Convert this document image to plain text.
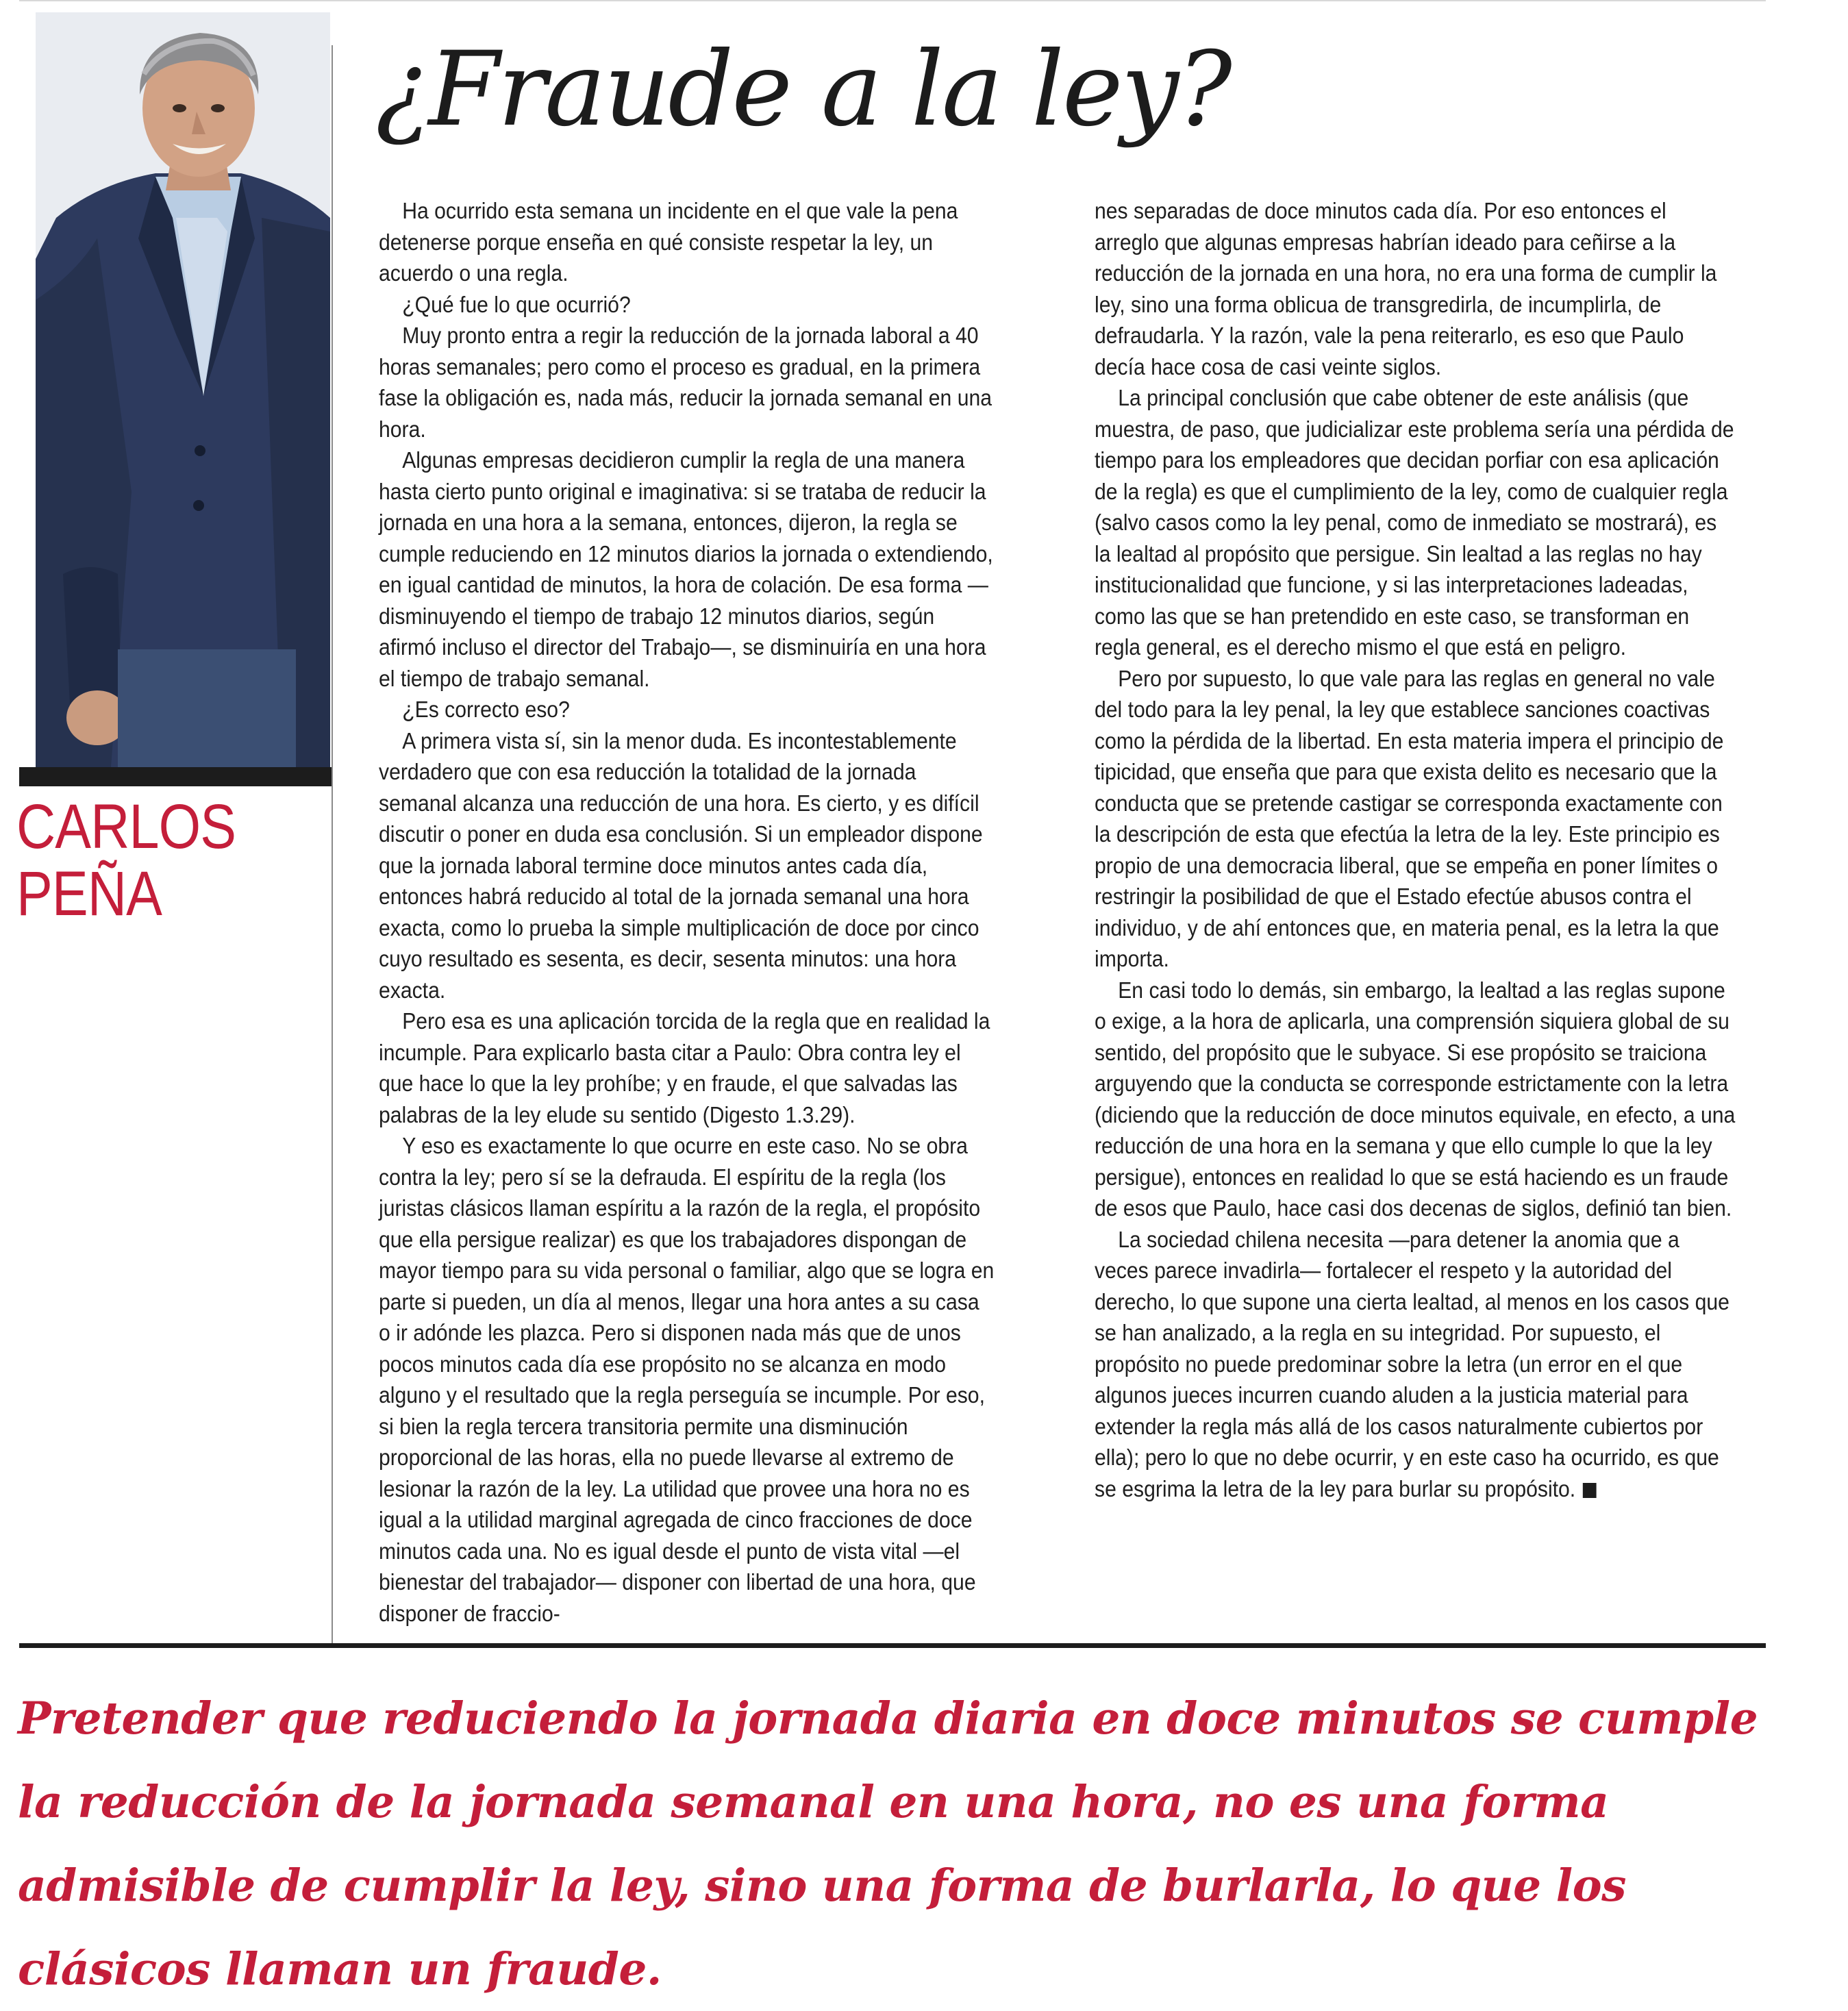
CARLOS
PEÑA
¿Fraude a la ley?

Ha ocurrido esta semana un incidente en el que vale la pena detenerse porque enseña en qué consiste respetar la ley, un acuerdo o una regla.

¿Qué fue lo que ocurrió?

Muy pronto entra a regir la reducción de la jornada laboral a 40 horas semanales; pero como el proceso es gradual, en la primera fase la obligación es, nada más, reducir la jornada semanal en una hora.

Algunas empresas decidieron cumplir la regla de una manera hasta cierto punto original e imaginativa: si se trataba de reducir la jornada en una hora a la semana, entonces, dijeron, la regla se cumple reduciendo en 12 minutos diarios la jornada o extendiendo, en igual cantidad de minutos, la hora de colación. De esa forma —disminuyendo el tiempo de trabajo 12 minutos diarios, según afirmó incluso el director del Trabajo—, se disminuiría en una hora el tiempo de trabajo semanal.

¿Es correcto eso?

A primera vista sí, sin la menor duda. Es incontestablemente verdadero que con esa reducción la totalidad de la jornada semanal alcanza una reducción de una hora. Es cierto, y es difícil discutir o poner en duda esa conclusión. Si un empleador dispone que la jornada laboral termine doce minutos antes cada día, entonces habrá reducido al total de la jornada semanal una hora exacta, como lo prueba la simple multiplicación de doce por cinco cuyo resultado es sesenta, es decir, sesenta minutos: una hora exacta.

Pero esa es una aplicación torcida de la regla que en realidad la incumple. Para explicarlo basta citar a Paulo: Obra contra ley el que hace lo que la ley prohíbe; y en fraude, el que salvadas las palabras de la ley elude su sentido (Digesto 1.3.29).

Y eso es exactamente lo que ocurre en este caso. No se obra contra la ley; pero sí se la defrauda. El espíritu de la regla (los juristas clásicos llaman espíritu a la razón de la regla, el propósito que ella persigue realizar) es que los trabajadores dispongan de mayor tiempo para su vida personal o familiar, algo que se logra en parte si pueden, un día al menos, llegar una hora antes a su casa o ir adónde les plazca. Pero si disponen nada más que de unos pocos minutos cada día ese propósito no se alcanza en modo alguno y el resultado que la regla perseguía se incumple. Por eso, si bien la regla tercera transitoria permite una disminución proporcional de las horas, ella no puede llevarse al extremo de lesionar la razón de la ley. La utilidad que provee una hora no es igual a la utilidad marginal agregada de cinco fracciones de doce minutos cada una. No es igual desde el punto de vista vital —el bienestar del trabajador— disponer con libertad de una hora, que disponer de fraccio-

nes separadas de doce minutos cada día. Por eso entonces el arreglo que algunas empresas habrían ideado para ceñirse a la reducción de la jornada en una hora, no era una forma de cumplir la ley, sino una forma oblicua de transgredirla, de incumplirla, de defraudarla. Y la razón, vale la pena reiterarlo, es eso que Paulo decía hace cosa de casi veinte siglos.

La principal conclusión que cabe obtener de este análisis (que muestra, de paso, que judicializar este problema sería una pérdida de tiempo para los empleadores que decidan porfiar con esa aplicación de la regla) es que el cumplimiento de la ley, como de cualquier regla (salvo casos como la ley penal, como de inmediato se mostrará), es la lealtad al propósito que persigue. Sin lealtad a las reglas no hay institucionalidad que funcione, y si las interpretaciones ladeadas, como las que se han pretendido en este caso, se transforman en regla general, es el derecho mismo el que está en peligro.

Pero por supuesto, lo que vale para las reglas en general no vale del todo para la ley penal, la ley que establece sanciones coactivas como la pérdida de la libertad. En esta materia impera el principio de tipicidad, que enseña que para que exista delito es necesario que la conducta que se pretende castigar se corresponda exactamente con la descripción de esta que efectúa la letra de la ley. Este principio es propio de una democracia liberal, que se empeña en poner límites o restringir la posibilidad de que el Estado efectúe abusos contra el individuo, y de ahí entonces que, en materia penal, es la letra la que importa.

En casi todo lo demás, sin embargo, la lealtad a las reglas supone o exige, a la hora de aplicarla, una comprensión siquiera global de su sentido, del propósito que le subyace. Si ese propósito se traiciona arguyendo que la conducta se corresponde estrictamente con la letra (diciendo que la reducción de doce minutos equivale, en efecto, a una reducción de una hora en la semana y que ello cumple lo que la ley persigue), entonces en realidad lo que se está haciendo es un fraude de esos que Paulo, hace casi dos decenas de siglos, definió tan bien.

La sociedad chilena necesita —para detener la anomia que a veces parece invadirla— fortalecer el respeto y la autoridad del derecho, lo que supone una cierta lealtad, al menos en los casos que se han analizado, a la regla en su integridad. Por supuesto, el propósito no puede predominar sobre la letra (un error en el que algunos jueces incurren cuando aluden a la justicia material para extender la regla más allá de los casos naturalmente cubiertos por ella); pero lo que no debe ocurrir, y en este caso ha ocurrido, es que se esgrima la letra de la ley para burlar su propósito.

Pretender que reduciendo la jornada diaria en doce minutos se cumple la reducción de la jornada semanal en una hora, no es una forma admisible de cumplir la ley, sino una forma de burlarla, lo que los clásicos llaman un fraude.
